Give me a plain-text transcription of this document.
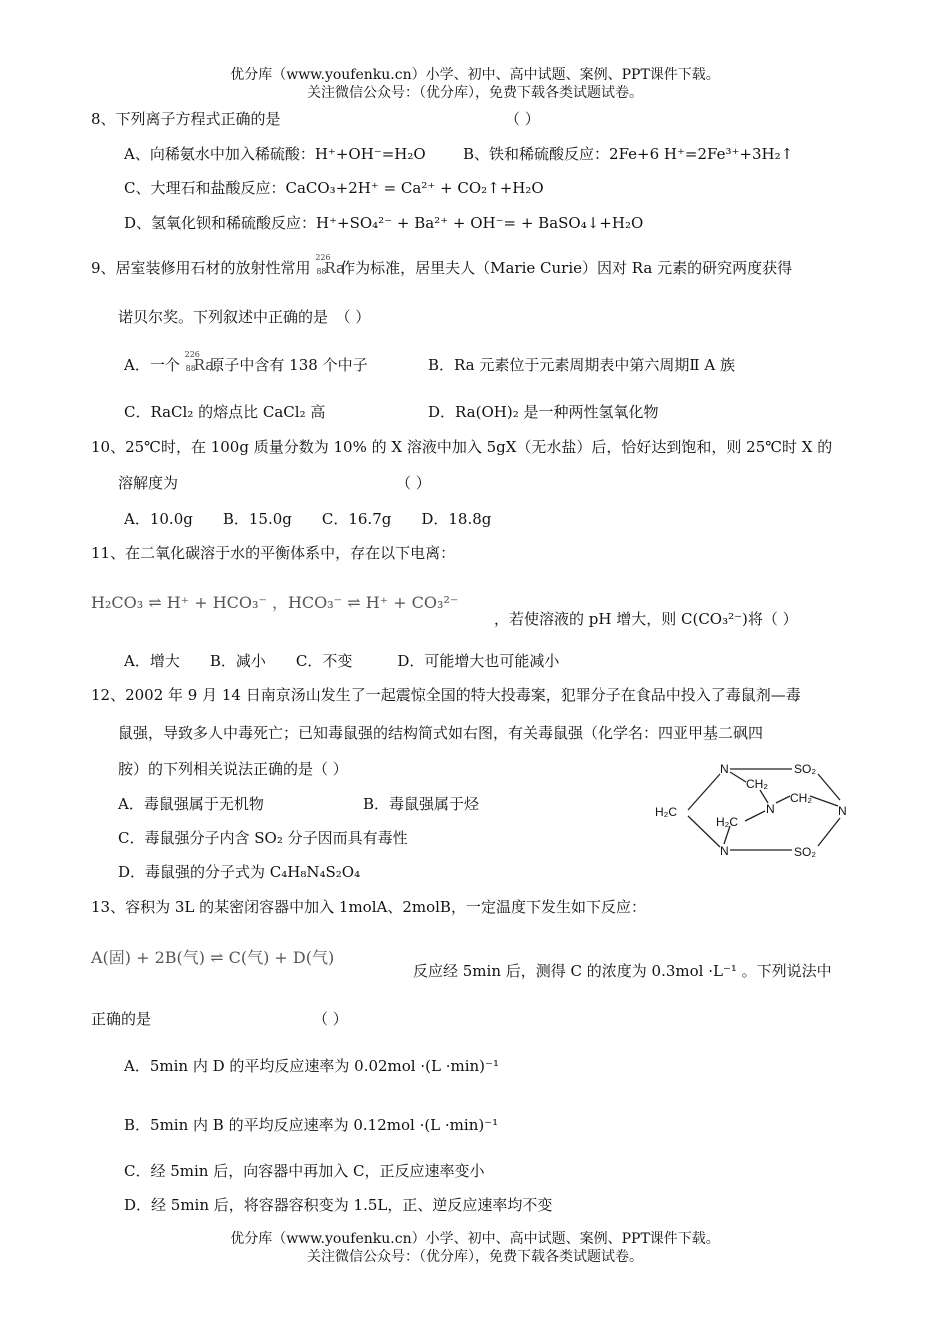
优分库（www.youfenku.cn）小学、初中、高中试题、案例、PPT课件下载。
关注微信公众号：（优分库），免费下载各类试题试卷。
8、下列离子方程式正确的是	（ ）
A、向稀氨水中加入稀硫酸：H⁺+OH⁻=H₂O B、铁和稀硫酸反应：2Fe+6 H⁺=2Fe³⁺+3H₂↑
C、大理石和盐酸反应：CaCO₃+2H⁺ = Ca²⁺ + CO₂↑+H₂O
D、氢氧化钡和稀硫酸反应：H⁺+SO₄²⁻ + Ba²⁺ + OH⁻= + BaSO₄↓+H₂O
9、居室装修用石材的放射性常用
226
88
Ra
作为标准，居里夫人（Marie Curie）因对 Ra 元素的研究两度获得
诺贝尔奖。下列叙述中正确的是　（ ）
A．一个
226
88
Ra
原子中含有 138 个中子	B．Ra 元素位于元素周期表中第六周期Ⅱ A 族
C．RaCl₂ 的熔点比 CaCl₂ 高	D．Ra(OH)₂ 是一种两性氢氧化物
10、25℃时，在 100g 质量分数为 10% 的 X 溶液中加入 5gX（无水盐）后，恰好达到饱和，则 25℃时 X 的
溶解度为	（ ）
A．10.0g　　B．15.0g　　C．16.7g　　D．18.8g
11、在二氧化碳溶于水的平衡体系中，存在以下电离：
H₂CO₃ ⇌ H⁺ + HCO₃⁻ ，HCO₃⁻ ⇌ H⁺ + CO₃²⁻
，若使溶液的 pH 增大，则 C(CO₃²⁻)将（ ）
A．增大　　B．减小　　C．不变　　　D．可能增大也可能减小
12、2002 年 9 月 14 日南京汤山发生了一起震惊全国的特大投毒案，犯罪分子在食品中投入了毒鼠剂—毒
鼠强，导致多人中毒死亡；已知毒鼠强的结构简式如右图，有关毒鼠强（化学名：四亚甲基二砜四
胺）的下列相关说法正确的是（ ）
A．毒鼠强属于无机物	B．毒鼠强属于烃
C．毒鼠强分子内含 SO₂ 分子因而具有毒性
D．毒鼠强的分子式为 C₄H₈N₄S₂O₄
N
CH₂
SO₂
N
CH₂
N
H₂C
H₂C
N	SO₂
13、容积为 3L 的某密闭容器中加入 1molA、2molB，一定温度下发生如下反应：
A(固) + 2B(气) ⇌ C(气) + D(气)
反应经 5min 后，测得 C 的浓度为 0.3mol ·L⁻¹ 。下列说法中
正确的是	（ ）
A．5min 内 D 的平均反应速率为 0.02mol ·(L ·min)⁻¹
B．5min 内 B 的平均反应速率为 0.12mol ·(L ·min)⁻¹
C．经 5min 后，向容器中再加入 C，正反应速率变小
D．经 5min 后，将容器容积变为 1.5L，正、逆反应速率均不变
优分库（www.youfenku.cn）小学、初中、高中试题、案例、PPT课件下载。
关注微信公众号：（优分库），免费下载各类试题试卷。
